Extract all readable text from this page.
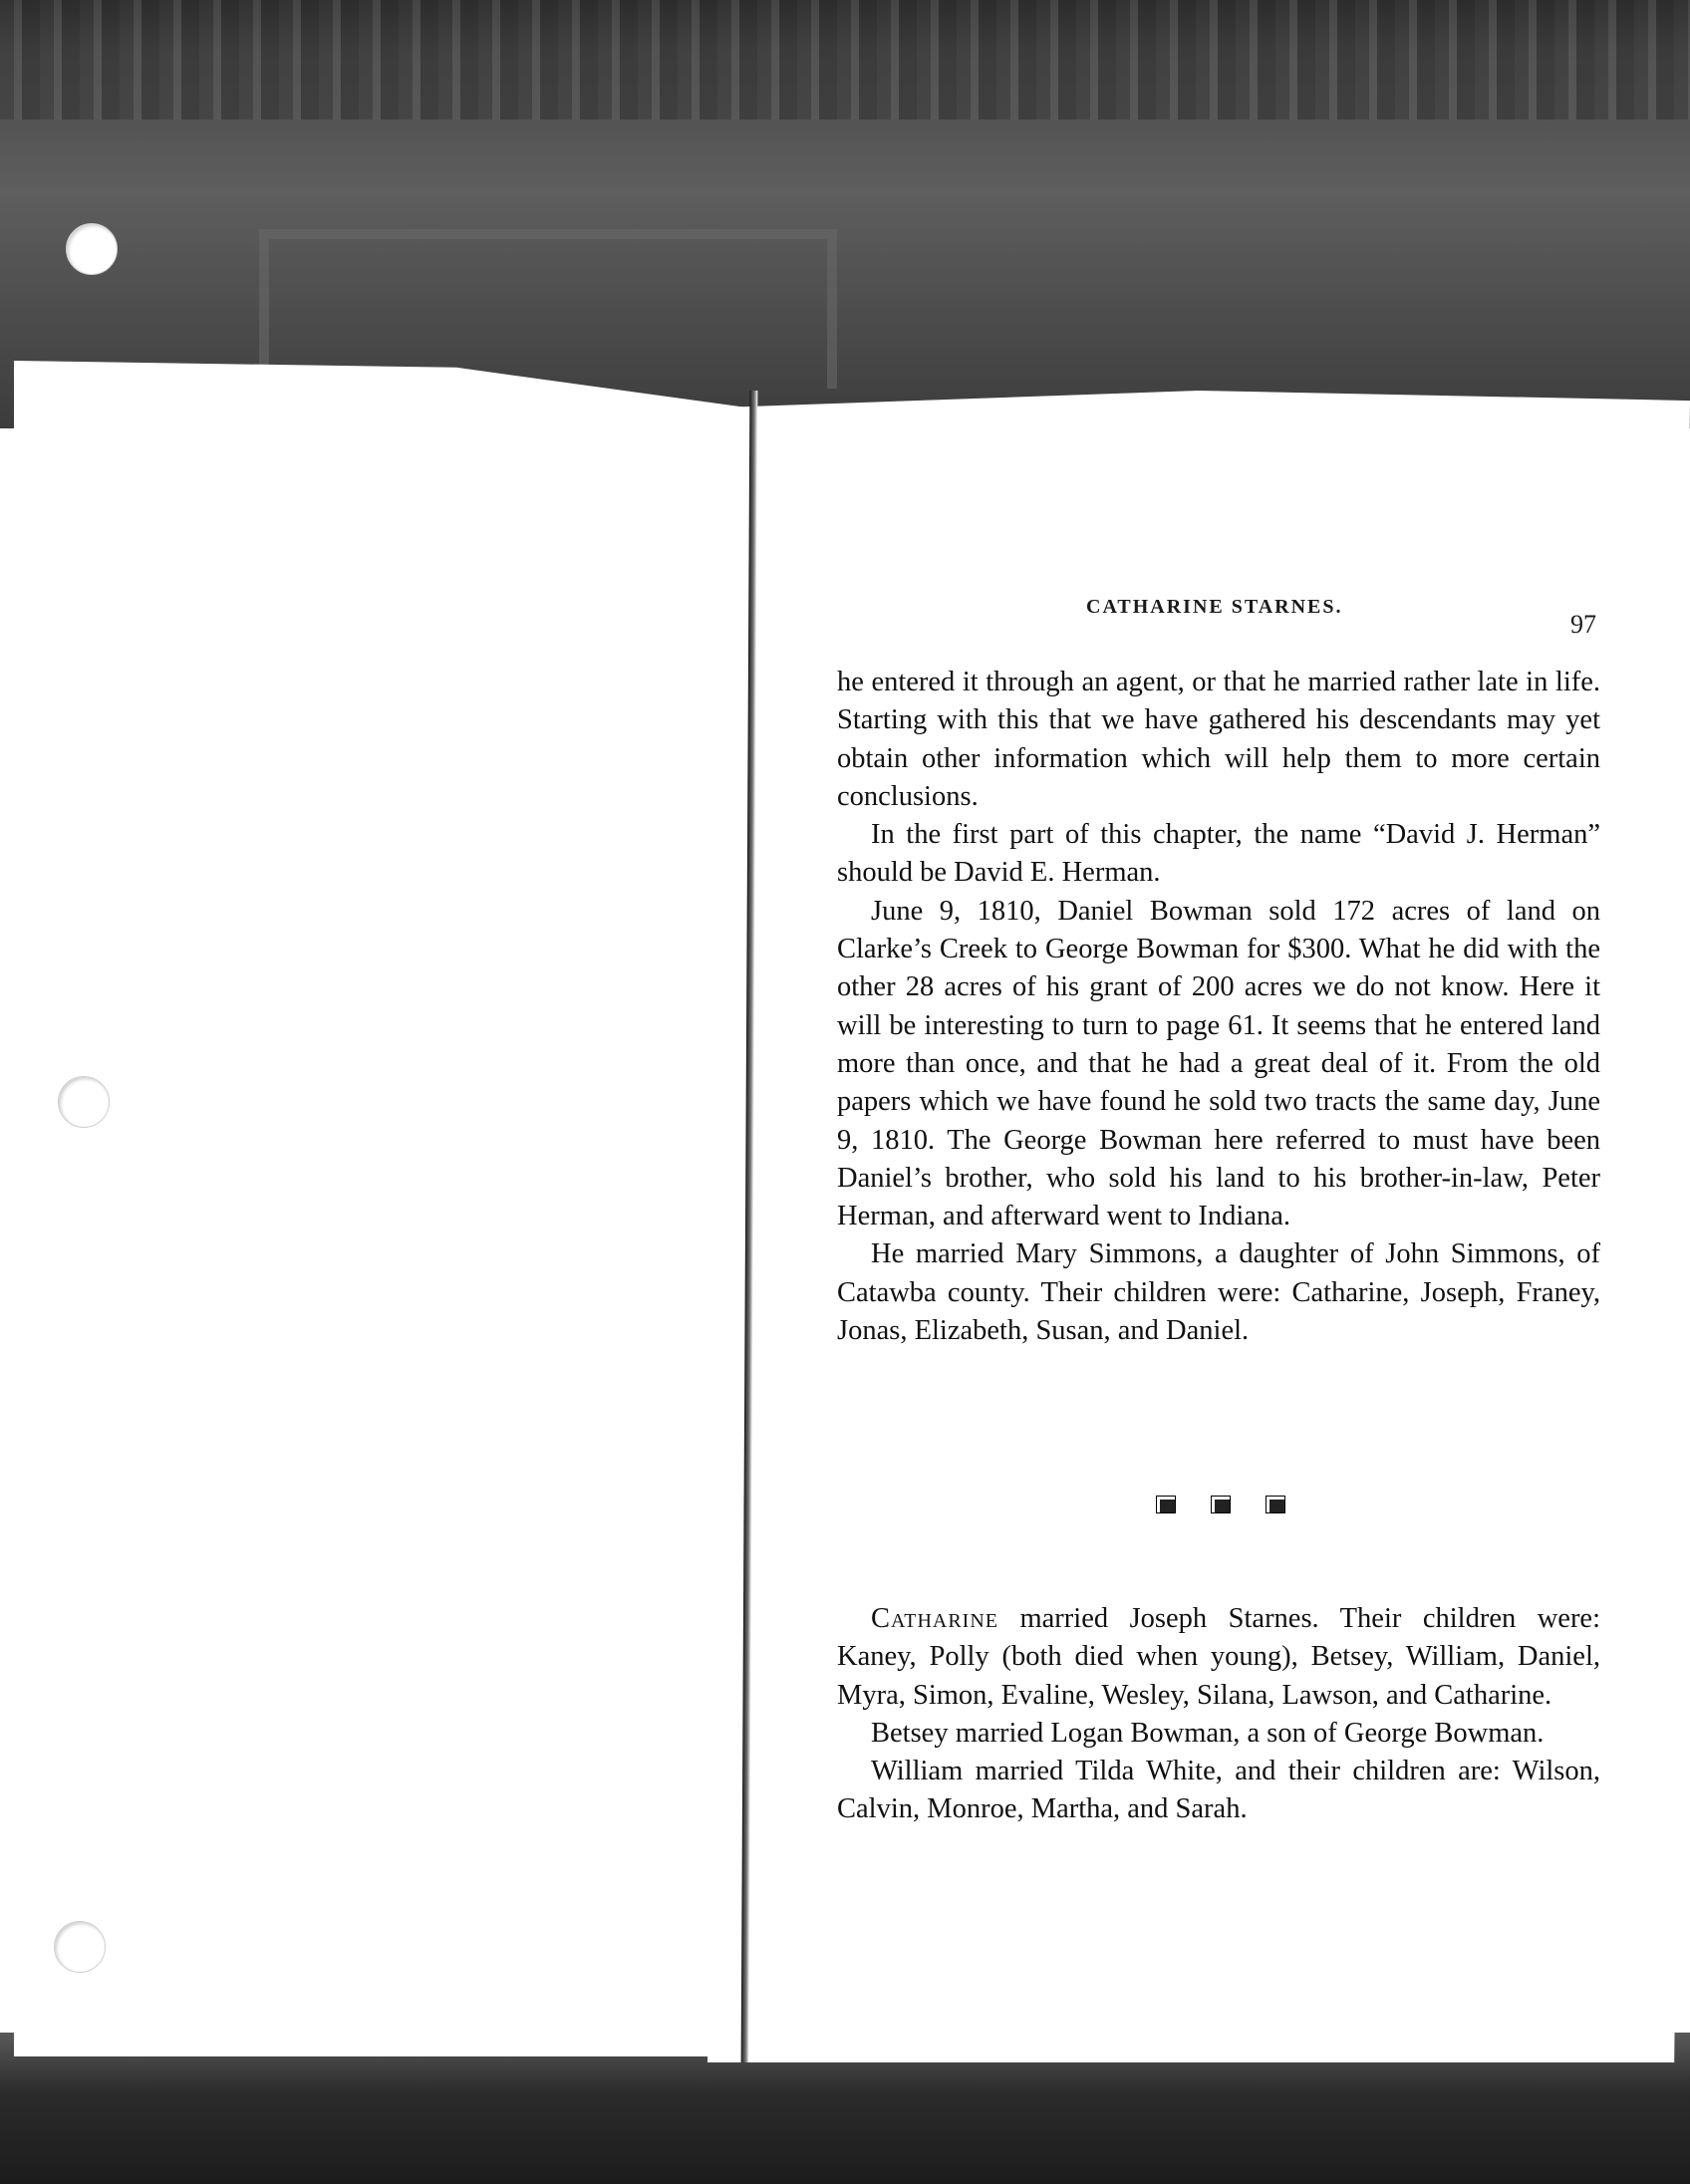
CATHARINE STARNES.
97

he entered it through an agent, or that he married rather late in life. Starting with this that we have gathered his descendants may yet obtain other information which will help them to more certain conclusions.

In the first part of this chapter, the name “David J. Herman” should be David E. Herman.

June 9, 1810, Daniel Bowman sold 172 acres of land on Clarke’s Creek to George Bowman for $300. What he did with the other 28 acres of his grant of 200 acres we do not know. Here it will be interesting to turn to page 61. It seems that he entered land more than once, and that he had a great deal of it. From the old papers which we have found he sold two tracts the same day, June 9, 1810. The George Bowman here referred to must have been Daniel’s brother, who sold his land to his brother-in-law, Peter Herman, and afterward went to Indiana.

He married Mary Simmons, a daughter of John Simmons, of Catawba county. Their children were: Catharine, Joseph, Franey, Jonas, Elizabeth, Susan, and Daniel.

Catharine married Joseph Starnes. Their children were: Kaney, Polly (both died when young), Betsey, William, Daniel, Myra, Simon, Evaline, Wesley, Silana, Lawson, and Catharine.

Betsey married Logan Bowman, a son of George Bowman.

William married Tilda White, and their children are: Wilson, Calvin, Monroe, Martha, and Sarah.
